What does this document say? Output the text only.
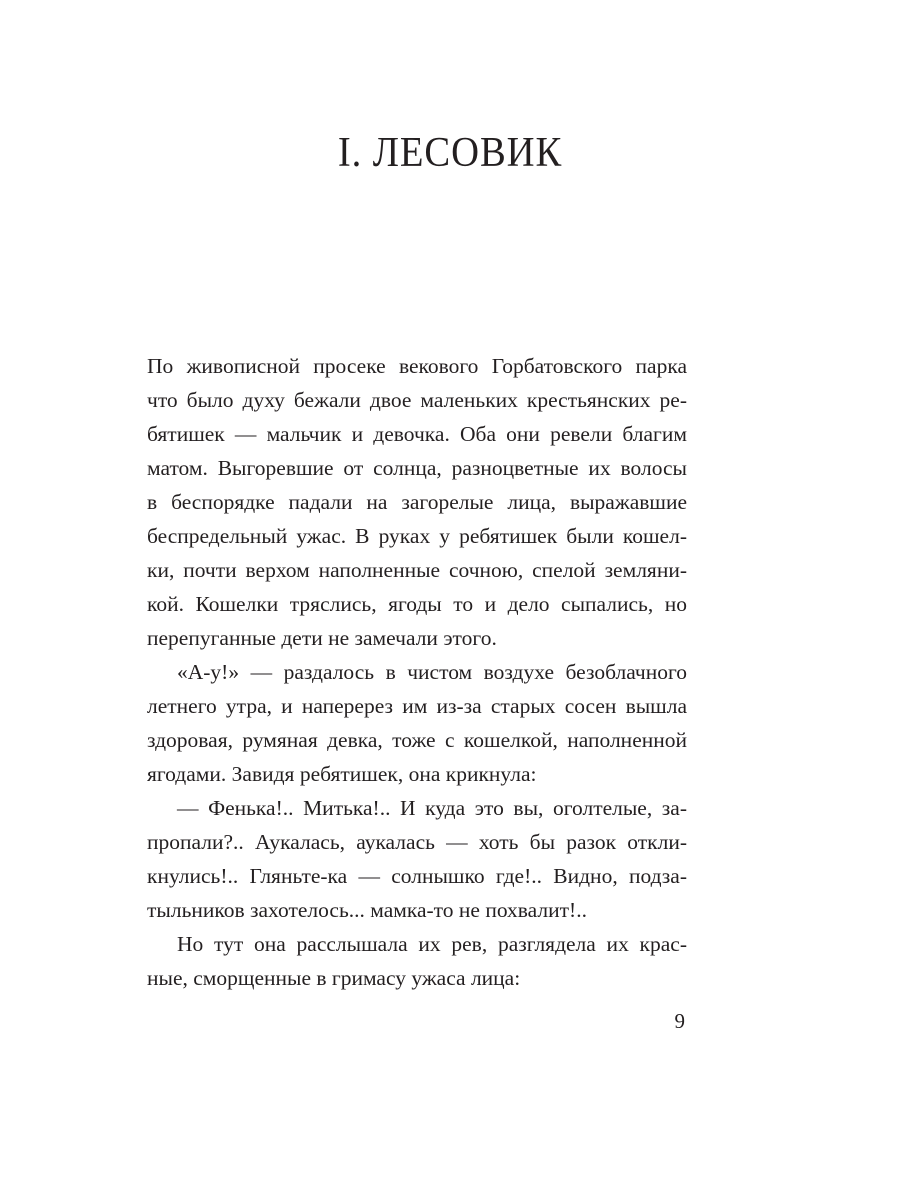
I. ЛЕСОВИК
По живописной просеке векового Горбатовского парка
что было духу бежали двое маленьких крестьянских ре-
бятишек — мальчик и девочка. Оба они ревели благим
матом. Выгоревшие от солнца, разноцветные их волосы
в беспорядке падали на загорелые лица, выражавшие
беспредельный ужас. В руках у ребятишек были кошел-
ки, почти верхом наполненные сочною, спелой земляни-
кой. Кошелки тряслись, ягоды то и дело сыпались, но
перепуганные дети не замечали этого.
«А-у!» — раздалось в чистом воздухе безоблачного
летнего утра, и наперерез им из-за старых сосен вышла
здоровая, румяная девка, тоже с кошелкой, наполненной
ягодами. Завидя ребятишек, она крикнула:
— Фенька!.. Митька!.. И куда это вы, оголтелые, за-
пропали?.. Аукалась, аукалась — хоть бы разок откли-
кнулись!.. Гляньте-ка — солнышко где!.. Видно, подза-
тыльников захотелось... мамка-то не похвалит!..
Но тут она расслышала их рев, разглядела их крас-
ные, сморщенные в гримасу ужаса лица:
9
